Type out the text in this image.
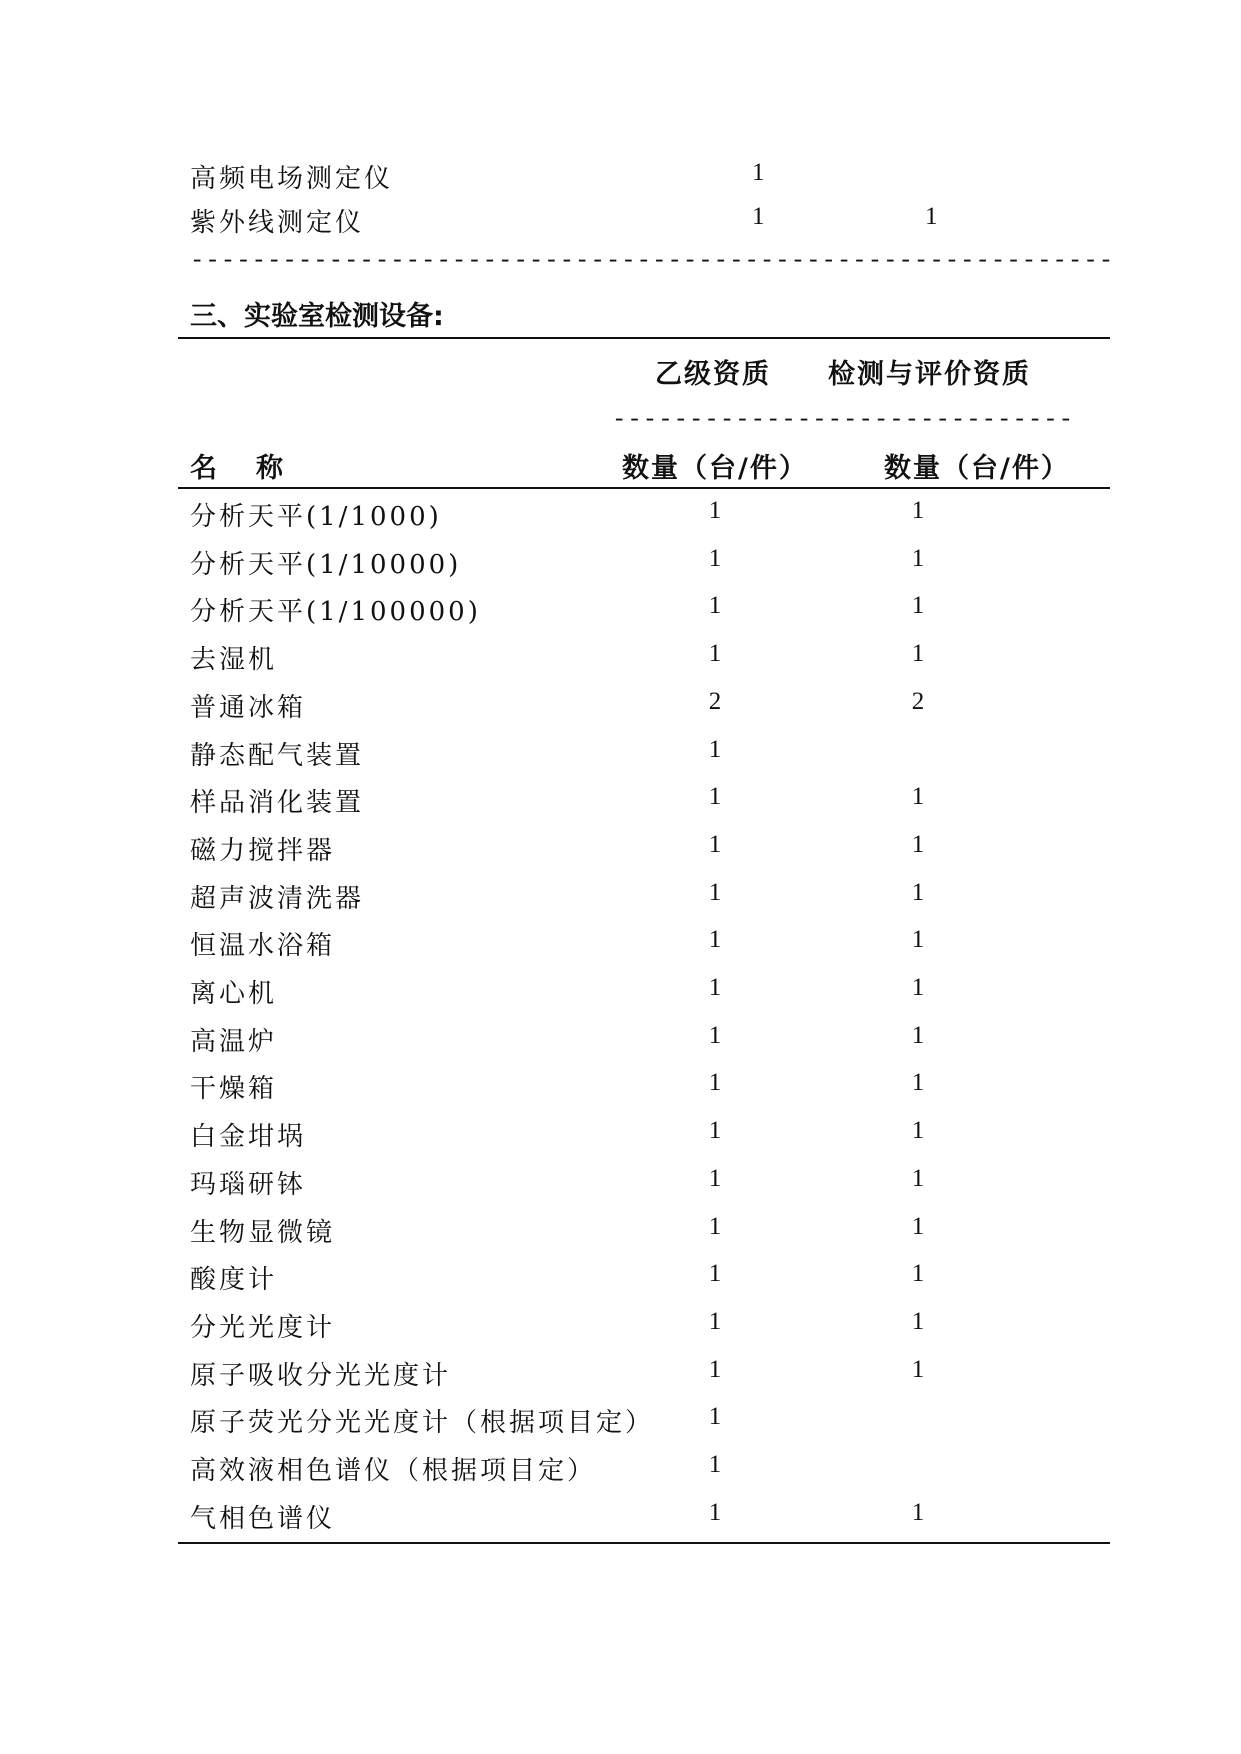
高频电场测定仪	1
紫外线测定仪	1	1
------------------------------------------------------------
三、实验室检测设备:
乙级资质 检测与评价资质
------------------------------
名　称	数量（台/件）	数量（台/件）
分析天平(1/1000)	1	1
分析天平(1/10000)	1	1
分析天平(1/100000)	1	1
去湿机	1	1
普通冰箱	2	2
静态配气装置	1
样品消化装置	1	1
磁力搅拌器	1	1
超声波清洗器	1	1
恒温水浴箱	1	1
离心机	1	1
高温炉	1	1
干燥箱	1	1
白金坩埚	1	1
玛瑙研钵	1	1
生物显微镜	1	1
酸度计	1	1
分光光度计	1	1
原子吸收分光光度计	1	1
原子荧光分光光度计（根据项目定）	1
高效液相色谱仪（根据项目定）	1
气相色谱仪	1	1
